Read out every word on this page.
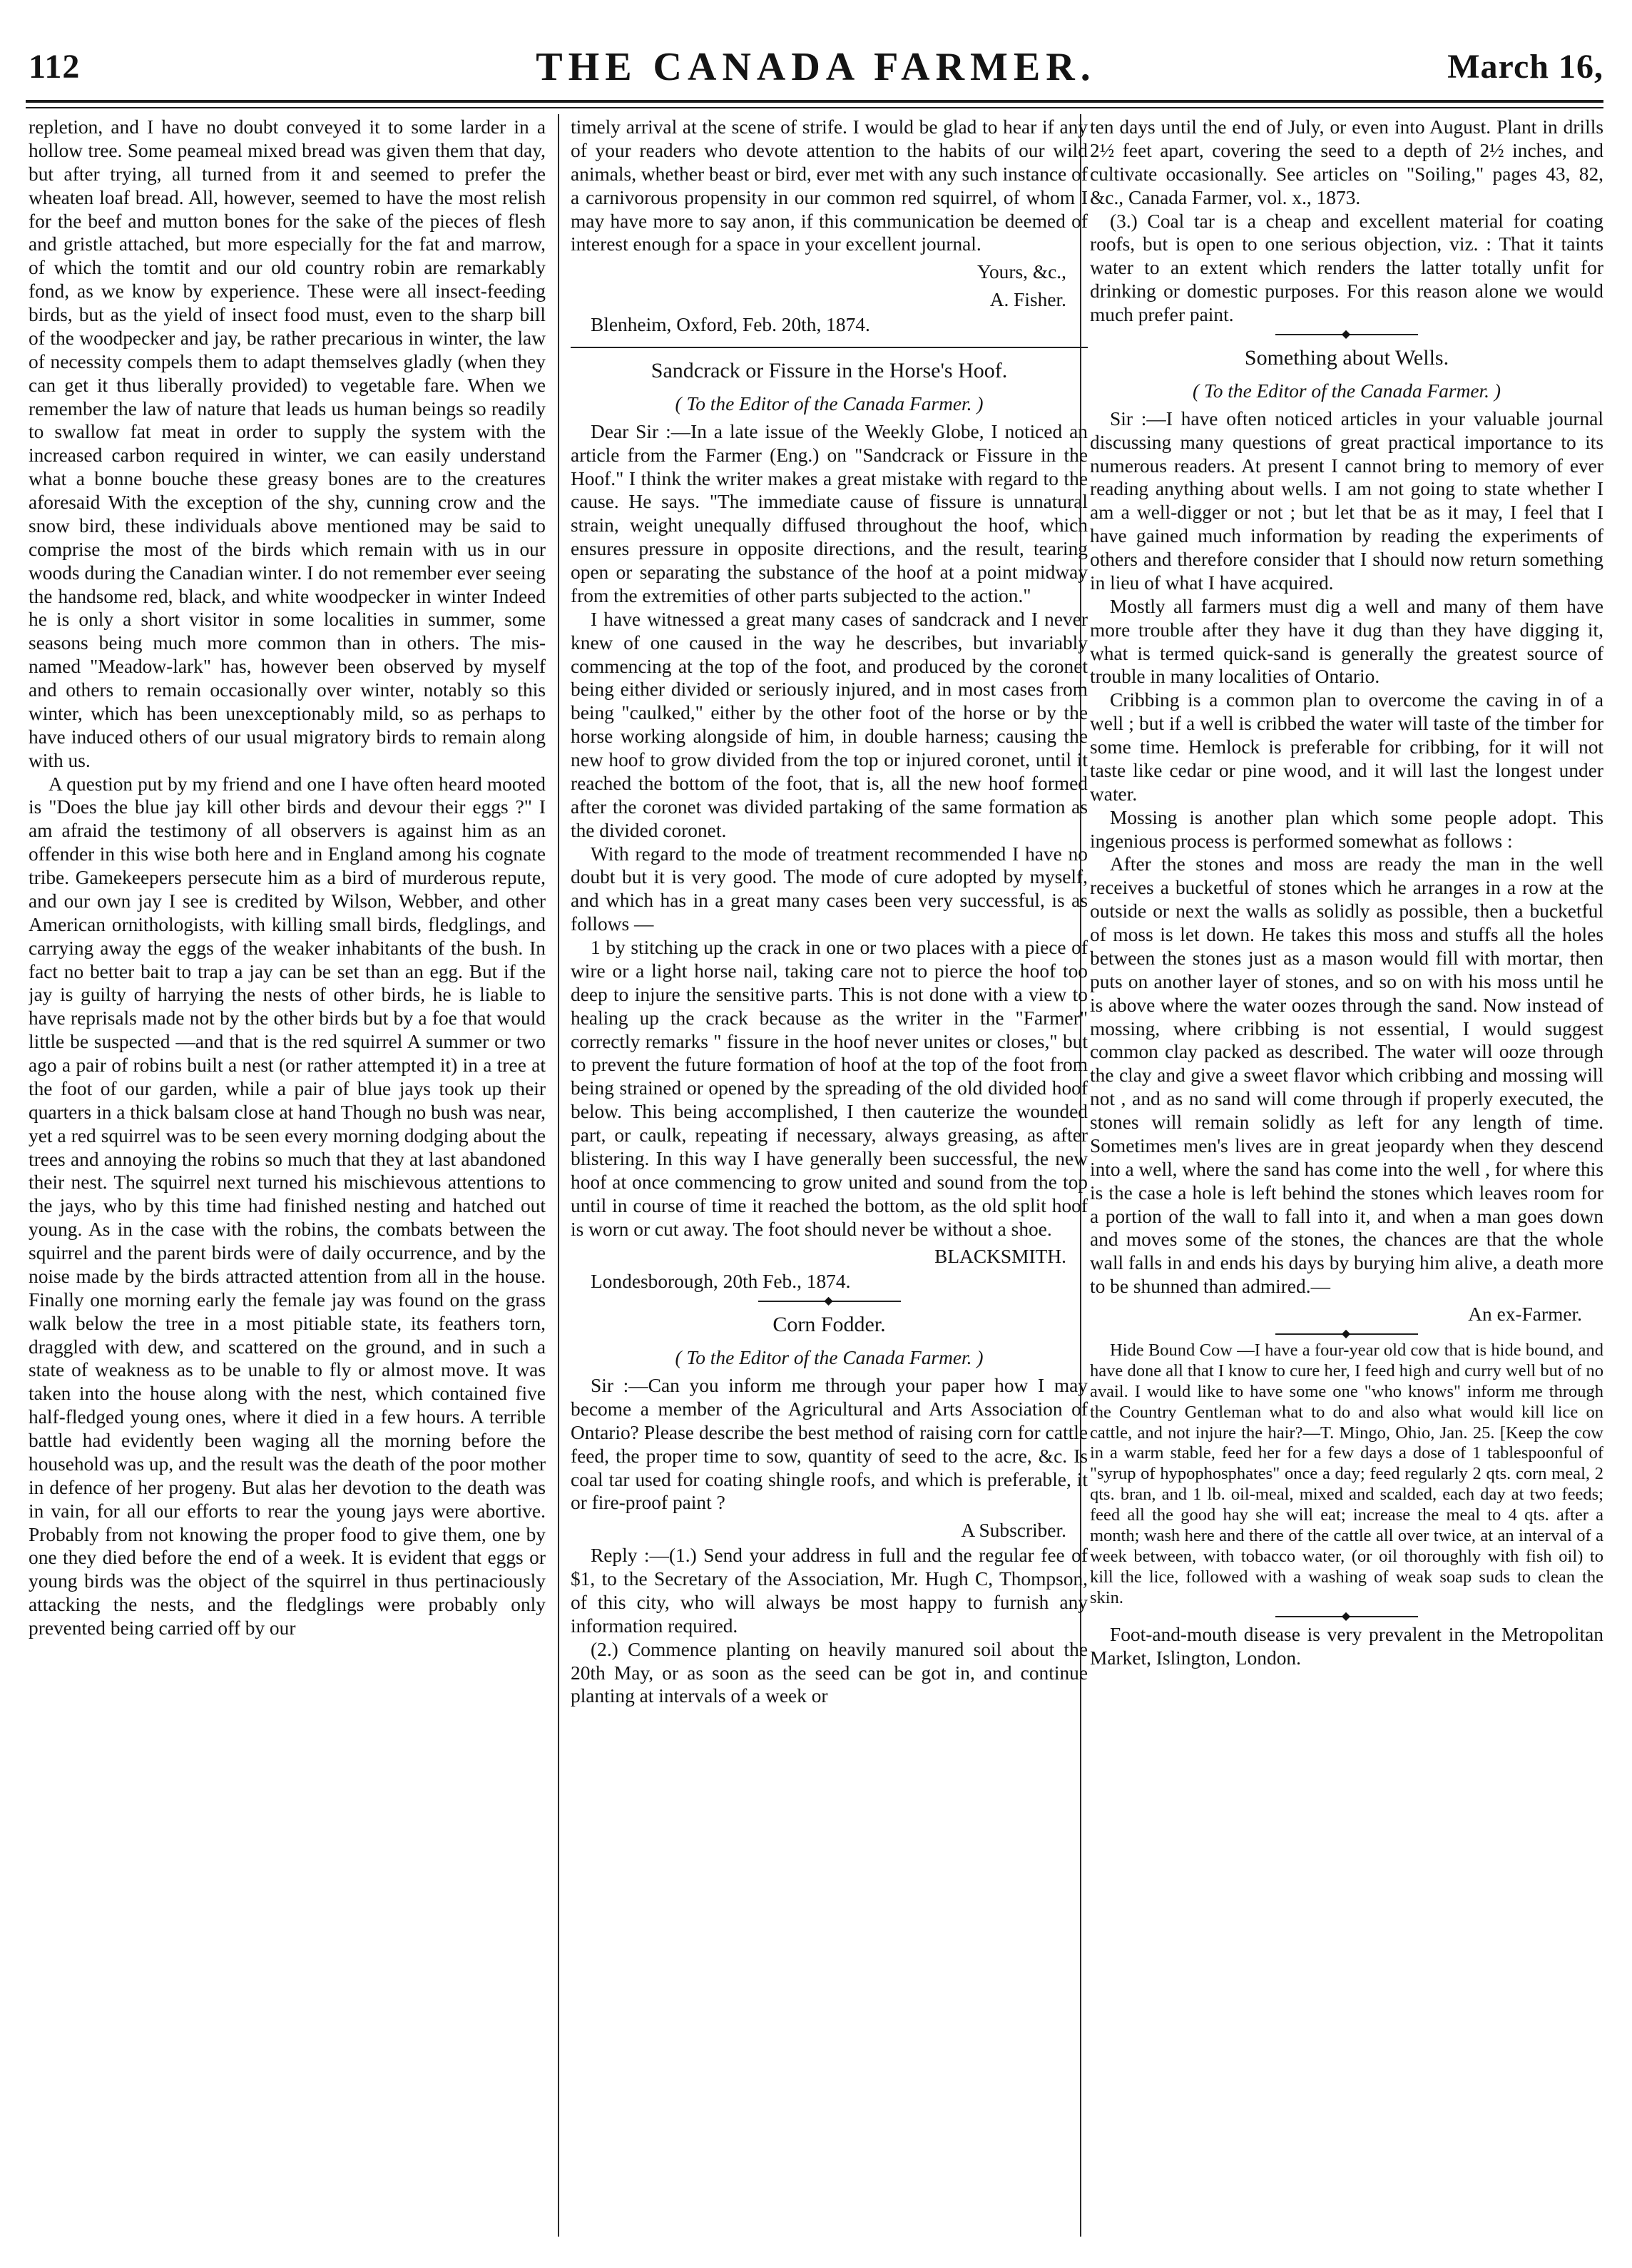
112	THE CANADA FARMER.	March 16,

repletion, and I have no doubt conveyed it to some larder in a hollow tree. Some peameal mixed bread was given them that day, but after trying, all turned from it and seemed to prefer the wheaten loaf bread. All, however, seemed to have the most relish for the beef and mutton bones for the sake of the pieces of flesh and gristle attached, but more especially for the fat and marrow, of which the tomtit and our old country robin are remarkably fond, as we know by experience. These were all insect-feeding birds, but as the yield of insect food must, even to the sharp bill of the woodpecker and jay, be rather precarious in winter, the law of necessity compels them to adapt themselves gladly (when they can get it thus liberally provided) to vegetable fare. When we remember the law of nature that leads us human beings so readily to swallow fat meat in order to supply the system with the increased carbon required in winter, we can easily understand what a bonne bouche these greasy bones are to the creatures aforesaid With the exception of the shy, cunning crow and the snow bird, these individuals above mentioned may be said to comprise the most of the birds which remain with us in our woods during the Canadian winter. I do not remember ever seeing the handsome red, black, and white woodpecker in winter Indeed he is only a short visitor in some localities in summer, some seasons being much more common than in others. The mis-named "Meadow-lark" has, however been observed by myself and others to remain occasionally over winter, notably so this winter, which has been unexceptionably mild, so as perhaps to have induced others of our usual migratory birds to remain along with us.

A question put by my friend and one I have often heard mooted is "Does the blue jay kill other birds and devour their eggs ?" I am afraid the testimony of all observers is against him as an offender in this wise both here and in England among his cognate tribe. Gamekeepers persecute him as a bird of murderous repute, and our own jay I see is credited by Wilson, Webber, and other American ornithologists, with killing small birds, fledglings, and carrying away the eggs of the weaker inhabitants of the bush. In fact no better bait to trap a jay can be set than an egg. But if the jay is guilty of harrying the nests of other birds, he is liable to have reprisals made not by the other birds but by a foe that would little be suspected —and that is the red squirrel A summer or two ago a pair of robins built a nest (or rather attempted it) in a tree at the foot of our garden, while a pair of blue jays took up their quarters in a thick balsam close at hand Though no bush was near, yet a red squirrel was to be seen every morning dodging about the trees and annoying the robins so much that they at last abandoned their nest. The squirrel next turned his mischievous attentions to the jays, who by this time had finished nesting and hatched out young. As in the case with the robins, the combats between the squirrel and the parent birds were of daily occurrence, and by the noise made by the birds attracted attention from all in the house. Finally one morning early the female jay was found on the grass walk below the tree in a most pitiable state, its feathers torn, draggled with dew, and scattered on the ground, and in such a state of weakness as to be unable to fly or almost move. It was taken into the house along with the nest, which contained five half-fledged young ones, where it died in a few hours. A terrible battle had evidently been waging all the morning before the household was up, and the result was the death of the poor mother in defence of her progeny. But alas her devotion to the death was in vain, for all our efforts to rear the young jays were abortive. Probably from not knowing the proper food to give them, one by one they died before the end of a week. It is evident that eggs or young birds was the object of the squirrel in thus pertinaciously attacking the nests, and the fledglings were probably only prevented being carried off by our

timely arrival at the scene of strife. I would be glad to hear if any of your readers who devote attention to the habits of our wild animals, whether beast or bird, ever met with any such instance of a carnivorous propensity in our common red squirrel, of whom I may have more to say anon, if this communication be deemed of interest enough for a space in your excellent journal.

Yours, &c.,
A. Fisher.

Blenheim, Oxford, Feb. 20th, 1874.

Sandcrack or Fissure in the Horse's Hoof.
( To the Editor of the Canada Farmer. )

Dear Sir :—In a late issue of the Weekly Globe, I noticed an article from the Farmer (Eng.) on "Sandcrack or Fissure in the Hoof." I think the writer makes a great mistake with regard to the cause. He says. "The immediate cause of fissure is unnatural strain, weight unequally diffused throughout the hoof, which ensures pressure in opposite directions, and the result, tearing open or separating the substance of the hoof at a point midway from the extremities of other parts subjected to the action."

I have witnessed a great many cases of sandcrack and I never knew of one caused in the way he describes, but invariably commencing at the top of the foot, and produced by the coronet being either divided or seriously injured, and in most cases from being "caulked," either by the other foot of the horse or by the horse working alongside of him, in double harness; causing the new hoof to grow divided from the top or injured coronet, until it reached the bottom of the foot, that is, all the new hoof formed after the coronet was divided partaking of the same formation as the divided coronet.

With regard to the mode of treatment recommended I have no doubt but it is very good. The mode of cure adopted by myself, and which has in a great many cases been very successful, is as follows —

1 by stitching up the crack in one or two places with a piece of wire or a light horse nail, taking care not to pierce the hoof too deep to injure the sensitive parts. This is not done with a view to healing up the crack because as the writer in the "Farmer" correctly remarks " fissure in the hoof never unites or closes," but to prevent the future formation of hoof at the top of the foot from being strained or opened by the spreading of the old divided hoof below. This being accomplished, I then cauterize the wounded part, or caulk, repeating if necessary, always greasing, as after blistering. In this way I have generally been successful, the new hoof at once commencing to grow united and sound from the top until in course of time it reached the bottom, as the old split hoof is worn or cut away. The foot should never be without a shoe.

BLACKSMITH.

Londesborough, 20th Feb., 1874.

◆
Corn Fodder.
( To the Editor of the Canada Farmer. )

Sir :—Can you inform me through your paper how I may become a member of the Agricultural and Arts Association of Ontario? Please describe the best method of raising corn for cattle feed, the proper time to sow, quantity of seed to the acre, &c. Is coal tar used for coating shingle roofs, and which is preferable, it or fire-proof paint ?

A Subscriber.

Reply :—(1.) Send your address in full and the regular fee of $1, to the Secretary of the Association, Mr. Hugh C, Thompson, of this city, who will always be most happy to furnish any information required.

(2.) Commence planting on heavily manured soil about the 20th May, or as soon as the seed can be got in, and continue planting at intervals of a week or

ten days until the end of July, or even into August. Plant in drills 2½ feet apart, covering the seed to a depth of 2½ inches, and cultivate occasionally. See articles on "Soiling," pages 43, 82, &c., Canada Farmer, vol. x., 1873.

(3.) Coal tar is a cheap and excellent material for coating roofs, but is open to one serious objection, viz. : That it taints water to an extent which renders the latter totally unfit for drinking or domestic purposes. For this reason alone we would much prefer paint.

◆
Something about Wells.
( To the Editor of the Canada Farmer. )

Sir :—I have often noticed articles in your valuable journal discussing many questions of great practical importance to its numerous readers. At present I cannot bring to memory of ever reading anything about wells. I am not going to state whether I am a well-digger or not ; but let that be as it may, I feel that I have gained much information by reading the experiments of others and therefore consider that I should now return something in lieu of what I have acquired.

Mostly all farmers must dig a well and many of them have more trouble after they have it dug than they have digging it, what is termed quick-sand is generally the greatest source of trouble in many localities of Ontario.

Cribbing is a common plan to overcome the caving in of a well ; but if a well is cribbed the water will taste of the timber for some time. Hemlock is preferable for cribbing, for it will not taste like cedar or pine wood, and it will last the longest under water.

Mossing is another plan which some people adopt. This ingenious process is performed somewhat as follows :

After the stones and moss are ready the man in the well receives a bucketful of stones which he arranges in a row at the outside or next the walls as solidly as possible, then a bucketful of moss is let down. He takes this moss and stuffs all the holes between the stones just as a mason would fill with mortar, then puts on another layer of stones, and so on with his moss until he is above where the water oozes through the sand. Now instead of mossing, where cribbing is not essential, I would suggest common clay packed as described. The water will ooze through the clay and give a sweet flavor which cribbing and mossing will not , and as no sand will come through if properly executed, the stones will remain solidly as left for any length of time. Sometimes men's lives are in great jeopardy when they descend into a well, where the sand has come into the well , for where this is the case a hole is left behind the stones which leaves room for a portion of the wall to fall into it, and when a man goes down and moves some of the stones, the chances are that the whole wall falls in and ends his days by burying him alive, a death more to be shunned than admired.—

An ex-Farmer.
◆

Hide Bound Cow —I have a four-year old cow that is hide bound, and have done all that I know to cure her, I feed high and curry well but of no avail. I would like to have some one "who knows" inform me through the Country Gentleman what to do and also what would kill lice on cattle, and not injure the hair?—T. Mingo, Ohio, Jan. 25. [Keep the cow in a warm stable, feed her for a few days a dose of 1 tablespoonful of "syrup of hypophosphates" once a day; feed regularly 2 qts. corn meal, 2 qts. bran, and 1 lb. oil-meal, mixed and scalded, each day at two feeds; feed all the good hay she will eat; increase the meal to 4 qts. after a month; wash here and there of the cattle all over twice, at an interval of a week between, with tobacco water, (or oil thoroughly with fish oil) to kill the lice, followed with a washing of weak soap suds to clean the skin.

◆

Foot-and-mouth disease is very prevalent in the Metropolitan Market, Islington, London.
